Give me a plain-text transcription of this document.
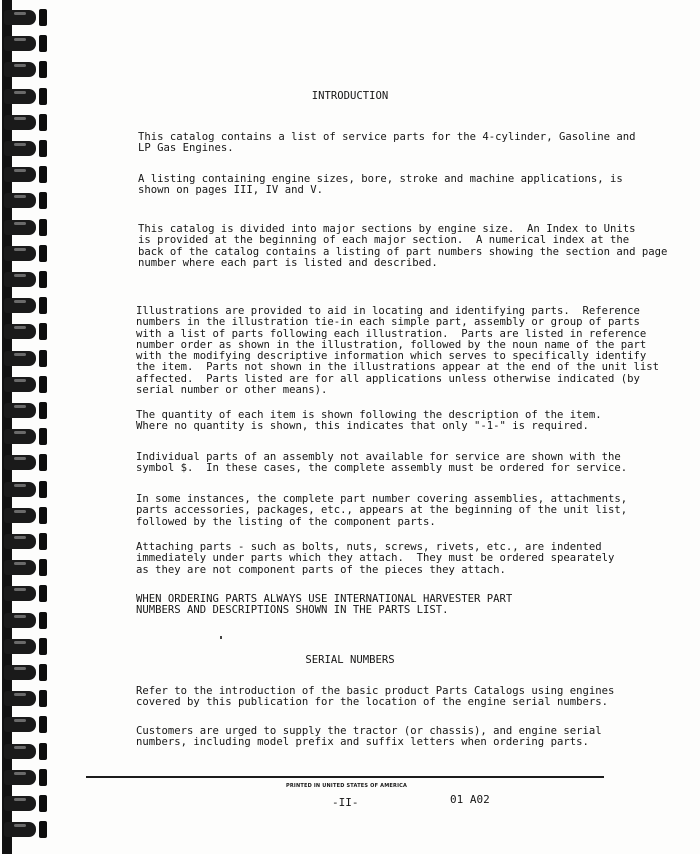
INTRODUCTION

This catalog contains a list of service parts for the 4-cylinder, Gasoline and
LP Gas Engines.

A listing containing engine sizes, bore, stroke and machine applications, is
shown on pages III, IV and V.

This catalog is divided into major sections by engine size.  An Index to Units
is provided at the beginning of each major section.  A numerical index at the
back of the catalog contains a listing of part numbers showing the section and page
number where each part is listed and described.

Illustrations are provided to aid in locating and identifying parts.  Reference
numbers in the illustration tie-in each simple part, assembly or group of parts
with a list of parts following each illustration.  Parts are listed in reference
number order as shown in the illustration, followed by the noun name of the part
with the modifying descriptive information which serves to specifically identify
the item.  Parts not shown in the illustrations appear at the end of the unit list
affected.  Parts listed are for all applications unless otherwise indicated (by
serial number or other means).

The quantity of each item is shown following the description of the item.
Where no quantity is shown, this indicates that only "-1-" is required.

Individual parts of an assembly not available for service are shown with the
symbol $.  In these cases, the complete assembly must be ordered for service.

In some instances, the complete part number covering assemblies, attachments,
parts accessories, packages, etc., appears at the beginning of the unit list,
followed by the listing of the component parts.

Attaching parts - such as bolts, nuts, screws, rivets, etc., are indented
immediately under parts which they attach.  They must be ordered spearately
as they are not component parts of the pieces they attach.

WHEN ORDERING PARTS ALWAYS USE INTERNATIONAL HARVESTER PART
NUMBERS AND DESCRIPTIONS SHOWN IN THE PARTS LIST.

SERIAL NUMBERS

Refer to the introduction of the basic product Parts Catalogs using engines
covered by this publication for the location of the engine serial numbers.

Customers are urged to supply the tractor (or chassis), and engine serial
numbers, including model prefix and suffix letters when ordering parts.

PRINTED IN UNITED STATES OF AMERICA
-II-	01 A02
